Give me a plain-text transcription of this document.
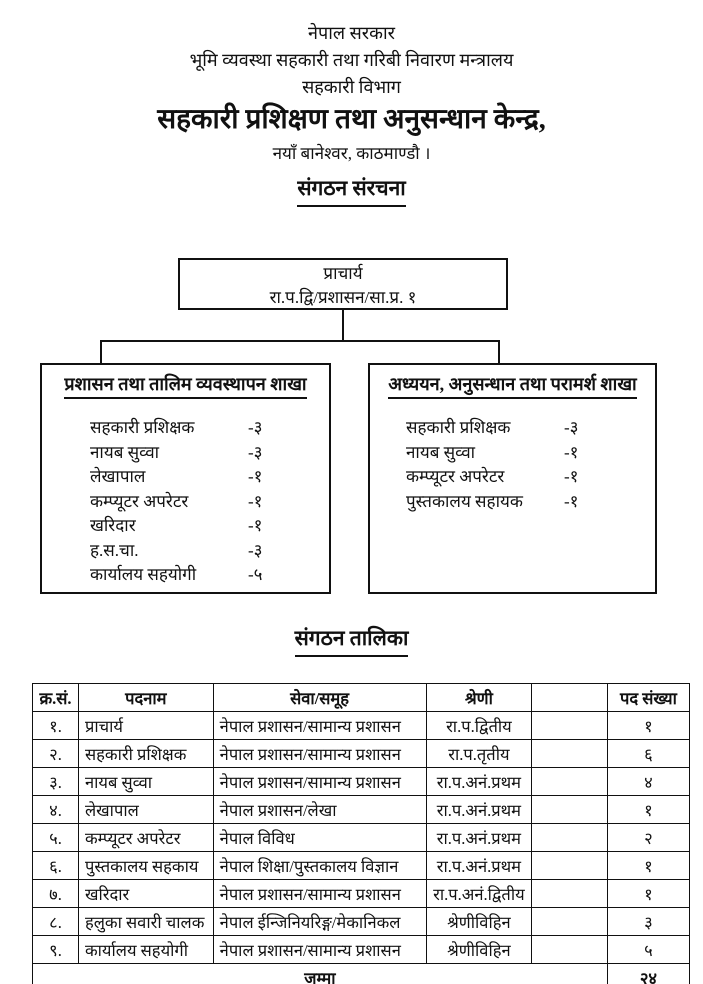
नेपाल सरकार
भूमि व्यवस्था सहकारी तथा गरिबी निवारण मन्त्रालय
सहकारी विभाग
सहकारी प्रशिक्षण तथा अनुसन्धान केन्द्र,
नयाँ बानेश्वर, काठमाण्डौ ।
संगठन संरचना
प्राचार्य
रा.प.द्वि/प्रशासन/सा.प्र. १
प्रशासन तथा तालिम व्यवस्थापन शाखा
सहकारी प्रशिक्षक	-३
नायब सुव्वा	-३
लेखापाल	-१
कम्प्यूटर अपरेटर	-१
खरिदार	-१
ह.स.चा.	-३
कार्यालय सहयोगी	-५
अध्ययन, अनुसन्धान तथा परामर्श शाखा
सहकारी प्रशिक्षक	-३
नायब सुव्वा	-१
कम्प्यूटर अपरेटर	-१
पुस्तकालय सहायक	-१
संगठन तालिका
क्र.सं.	पदनाम	सेवा/समूह	श्रेणी		पद संख्या
१.	प्राचार्य	नेपाल प्रशासन/सामान्य प्रशासन	रा.प.द्वितीय		१
२.	सहकारी प्रशिक्षक	नेपाल प्रशासन/सामान्य प्रशासन	रा.प.तृतीय		६
३.	नायब सुव्वा	नेपाल प्रशासन/सामान्य प्रशासन	रा.प.अनं.प्रथम		४
४.	लेखापाल	नेपाल प्रशासन/लेखा	रा.प.अनं.प्रथम		१
५.	कम्प्यूटर अपरेटर	नेपाल विविध	रा.प.अनं.प्रथम		२
६.	पुस्तकालय सहकाय	नेपाल शिक्षा/पुस्तकालय विज्ञान	रा.प.अनं.प्रथम		१
७.	खरिदार	नेपाल प्रशासन/सामान्य प्रशासन	रा.प.अनं.द्वितीय		१
८.	हलुका सवारी चालक	नेपाल ईन्जिनियरिङ्ग/मेकानिकल	श्रेणीविहिन		३
९.	कार्यालय सहयोगी	नेपाल प्रशासन/सामान्य प्रशासन	श्रेणीविहिन		५
जम्मा					२४
